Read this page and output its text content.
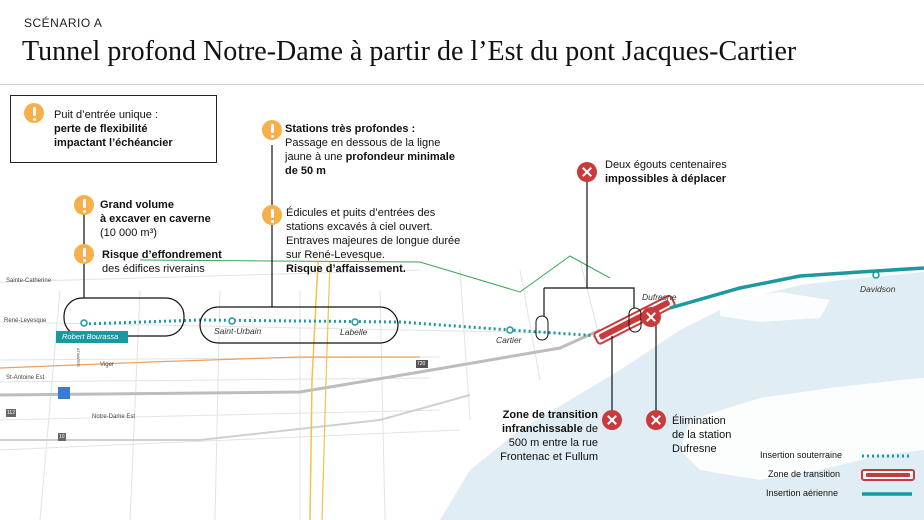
SCÉNARIO A
Tunnel profond Notre-Dame à partir de l’Est du pont Jacques-Cartier
Puit d’entrée unique :
perte de flexibilité
impactant l’échéancier
Grand volume
à excaver en caverne
(10 000 m³)
Risque d’effondrement
des édifices riverains
Stations très profondes :
Passage en dessous de la ligne
jaune à une profondeur minimale
de 50 m
Édicules et puits d’entrées des
stations excavés à ciel ouvert.
Entraves majeures de longue durée
sur René-Levesque.
Risque d’affaissement.
Deux égouts centenaires
impossibles à déplacer
Zone de transition
infranchissable de
500 m entre la rue
Frontenac et Fullum
Élimination
de la station
Dufresne
Robert Bourassa
Saint-Urbain	Labelle
Cartier
Dufresne
Davidson
Sainte-Catherine
René-Levesque
Viger
St-Antoine Est
Notre-Dame Est
720
112
10
ATWATER
Insertion souterraine
Zone de transition
Insertion aérienne
